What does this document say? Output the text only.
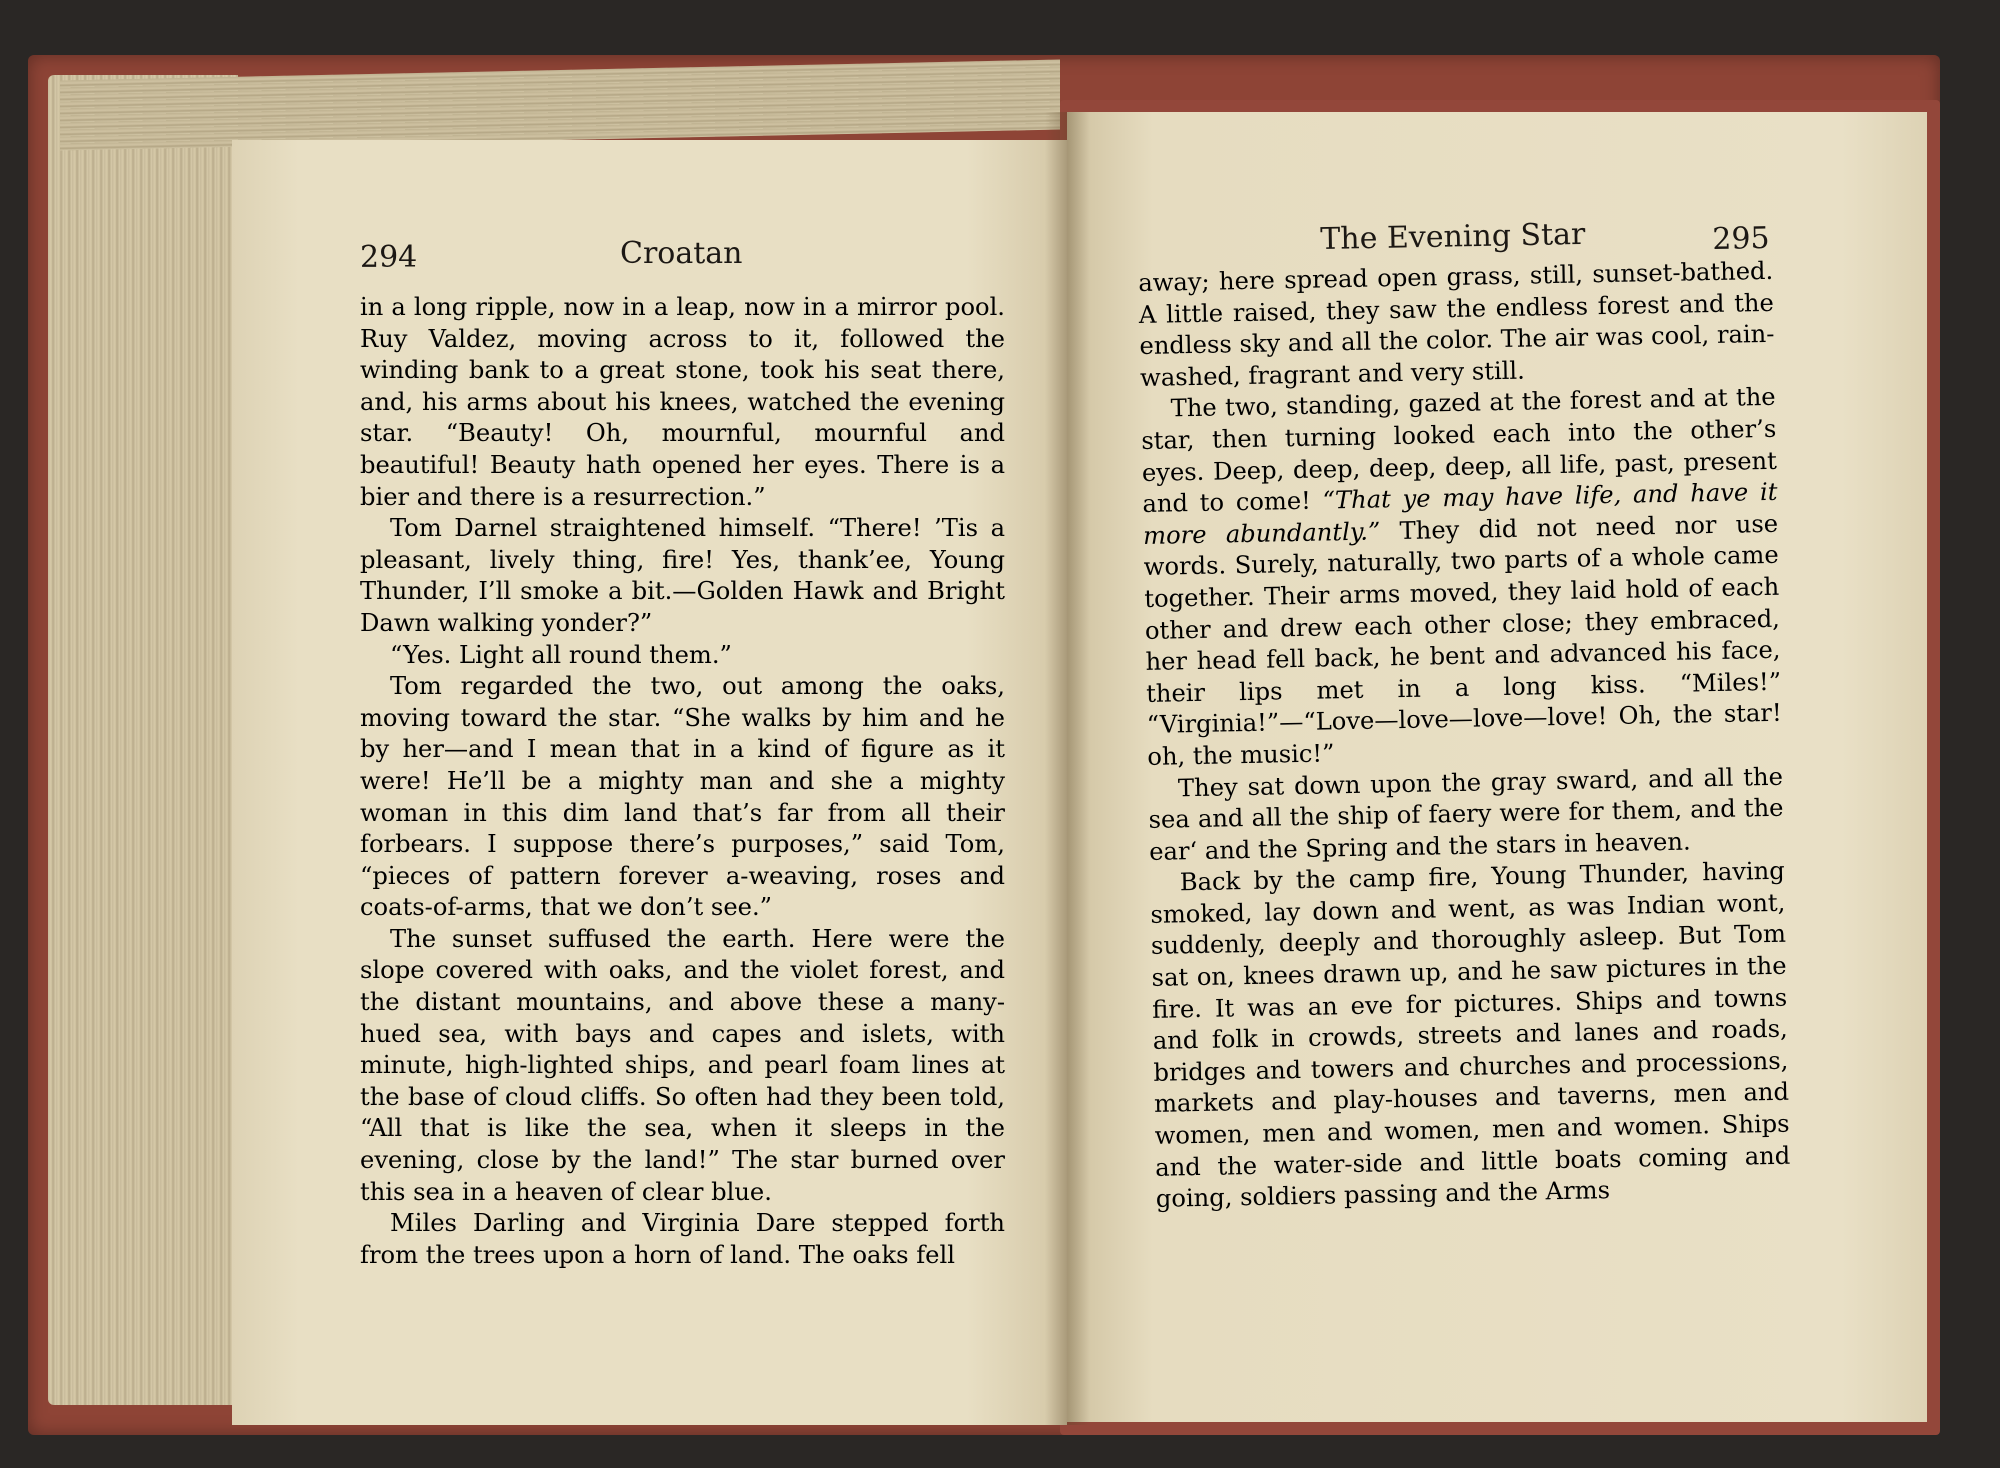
294	Croatan

in a long ripple, now in a leap, now in a mirror pool. Ruy Valdez, moving across to it, followed the winding bank to a great stone, took his seat there, and, his arms about his knees, watched the evening star. “Beauty! Oh, mournful, mournful and beautiful! Beauty hath opened her eyes. There is a bier and there is a resurrection.”

Tom Darnel straightened himself. “There! ’Tis a pleasant, lively thing, fire! Yes, thank’ee, Young Thunder, I’ll smoke a bit.—Golden Hawk and Bright Dawn walking yonder?”

“Yes. Light all round them.”

Tom regarded the two, out among the oaks, moving toward the star. “She walks by him and he by her—and I mean that in a kind of figure as it were! He’ll be a mighty man and she a mighty woman in this dim land that’s far from all their forbears. I suppose there’s purposes,” said Tom, “pieces of pattern forever a-weaving, roses and coats-of-arms, that we don’t see.”

The sunset suffused the earth. Here were the slope covered with oaks, and the violet forest, and the distant mountains, and above these a many-hued sea, with bays and capes and islets, with minute, high-lighted ships, and pearl foam lines at the base of cloud cliffs. So often had they been told, “All that is like the sea, when it sleeps in the evening, close by the land!” The star burned over this sea in a heaven of clear blue.

Miles Darling and Virginia Dare stepped forth from the trees upon a horn of land. The oaks fell

The Evening Star	295

away; here spread open grass, still, sunset-bathed. A little raised, they saw the endless forest and the endless sky and all the color. The air was cool, rain-washed, fragrant and very still.

The two, standing, gazed at the forest and at the star, then turning looked each into the other’s eyes. Deep, deep, deep, deep, all life, past, present and to come! “That ye may have life, and have it more abundantly.” They did not need nor use words. Surely, naturally, two parts of a whole came together. Their arms moved, they laid hold of each other and drew each other close; they embraced, her head fell back, he bent and advanced his face, their lips met in a long kiss. “Miles!” “Virginia!”—“Love—love—love—love! Oh, the star! oh, the music!”

They sat down upon the gray sward, and all the sea and all the ship of faery were for them, and the ear‘ and the Spring and the stars in heaven.

Back by the camp fire, Young Thunder, having smoked, lay down and went, as was Indian wont, suddenly, deeply and thoroughly asleep. But Tom sat on, knees drawn up, and he saw pictures in the fire. It was an eve for pictures. Ships and towns and folk in crowds, streets and lanes and roads, bridges and towers and churches and processions, markets and play-houses and taverns, men and women, men and women, men and women. Ships and the water-side and little boats coming and going, soldiers passing and the Arms
